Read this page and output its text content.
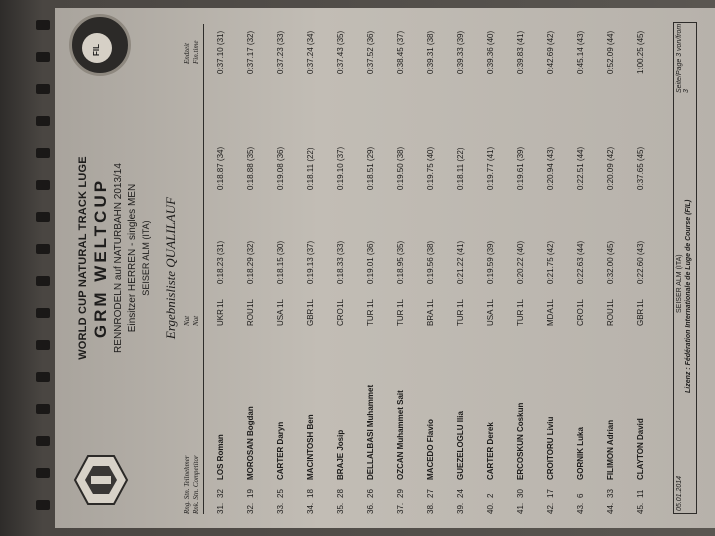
WORLD CUP NATURAL TRACK LUGE GRM WELTCUP RENNRODELN auf NATURBAHN 2013/14 Einsitzer HERREN - singles MEN SEISER ALM (ITA)
FIL
Ergebnisliste QUALILAUF
Rng. Stn. Teilnehmer Rnk. Stn. Competitor
Nat Nat
Endzeit Fin.time
31.
32
LOS Roman
UKR
1L
0:18.23 (31)
0:18.87 (34)
0:37.10 (31)
32.
19
MOROSAN Bogdan
ROU
1L
0:18.29 (32)
0:18.88 (35)
0:37.17 (32)
33.
25
CARTER Daryn
USA
1L
0:18.15 (30)
0:19.08 (36)
0:37.23 (33)
34.
18
MACINTOSH Ben
GBR
1L
0:19.13 (37)
0:18.11 (22)
0:37.24 (34)
35.
28
BRAJE Josip
CRO
1L
0:18.33 (33)
0:19.10 (37)
0:37.43 (35)
36.
26
DELLALBASI Muhammet
TUR
1L
0:19.01 (36)
0:18.51 (29)
0:37.52 (36)
37.
29
OZCAN Muhammet Sait
TUR
1L
0:18.95 (35)
0:19.50 (38)
0:38.45 (37)
38.
27
MACEDO Flavio
BRA
1L
0:19.56 (38)
0:19.75 (40)
0:39.31 (38)
39.
24
GUEZELOGLU Ilia
TUR
1L
0:21.22 (41)
0:18.11 (22)
0:39.33 (39)
40.
2
CARTER Derek
USA
1L
0:19.59 (39)
0:19.77 (41)
0:39.36 (40)
41.
30
ERCOSKUN Coskun
TUR
1L
0:20.22 (40)
0:19.61 (39)
0:39.83 (41)
42.
17
CROITORU Liviu
MDA
1L
0:21.75 (42)
0:20.94 (43)
0:42.69 (42)
43.
6
GORNIK Luka
CRO
1L
0:22.63 (44)
0:22.51 (44)
0:45.14 (43)
44.
33
FILIMON Adrian
ROU
1L
0:32.00 (45)
0:20.09 (42)
0:52.09 (44)
45.
11
CLAYTON David
GBR
1L
0:22.60 (43)
0:37.65 (45)
1:00.25 (45)
05.01.2014
SEISER ALM (ITA) Lizenz : Fédération Internationale de Luge de Course (FIL)
Seite/Page 3 von/from 3
